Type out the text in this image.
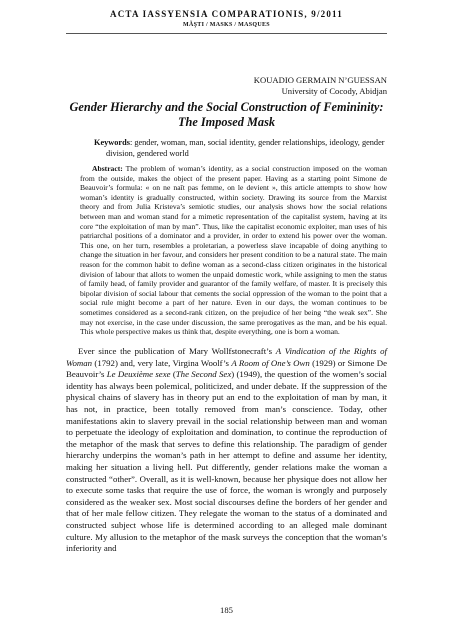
ACTA IASSYENSIA COMPARATIONIS, 9/2011
MĂŞTI / MASKS / MASQUES
KOUADIO GERMAIN N’GUESSAN
University of Cocody, Abidjan
Gender Hierarchy and the Social Construction of Femininity:
The Imposed Mask
Keywords: gender, woman, man, social identity, gender relationships, ideology, gender division, gendered world
Abstract: The problem of woman’s identity, as a social construction imposed on the woman from the outside, makes the object of the present paper. Having as a starting point Simone de Beauvoir’s formula: « on ne naît pas femme, on le devient », this article attempts to show how woman’s identity is gradually constructed, within society. Drawing its source from the Marxist theory and from Julia Kristeva’s semiotic studies, our analysis shows how the social relations between man and woman stand for a mimetic representation of the capitalist system, having at its core “the exploitation of man by man”. Thus, like the capitalist economic exploiter, man uses of his patriarchal positions of a dominator and a provider, in order to extend his power over the woman. This one, on her turn, resembles a proletarian, a powerless slave incapable of doing anything to change the situation in her favour, and considers her present condition to be a natural state. The main reason for the common habit to define woman as a second-class citizen originates in the historical division of labour that allots to women the unpaid domestic work, while assigning to men the status of family head, of family provider and guarantor of the family welfare, of master. It is precisely this bipolar division of social labour that cements the social oppression of the woman to the point that a social rule might become a part of her nature. Even in our days, the woman continues to be sometimes considered as a second-rank citizen, on the prejudice of her being “the weak sex”. She may not exercise, in the case under discussion, the same prerogatives as the man, and be his equal. This whole perspective makes us think that, despite everything, one is born a woman.
Ever since the publication of Mary Wollfstonecraft’s A Vindication of the Rights of Woman (1792) and, very late, Virgina Woolf’s A Room of One’s Own (1929) or Simone De Beauvoir’s Le Deuxième sexe (The Second Sex) (1949), the question of the women’s social identity has always been polemical, politicized, and under debate. If the suppression of the physical chains of slavery has in theory put an end to the exploitation of man by man, it has not, in practice, been totally removed from man’s conscience. Today, other manifestations akin to slavery prevail in the social relationship between man and woman to perpetuate the ideology of exploitation and domination, to continue the reproduction of the metaphor of the mask that serves to define this relationship. The paradigm of gender hierarchy underpins the woman’s path in her attempt to define and assume her identity, making her situation a living hell. Put differently, gender relations make the woman a constructed “other”. Overall, as it is well-known, because her physique does not allow her to execute some tasks that require the use of force, the woman is wrongly and purposely considered as the weaker sex. Most social discourses define the borders of her gender and that of her male fellow citizen. They relegate the woman to the status of a dominated and constructed subject whose life is determined according to an alleged male dominant culture. My allusion to the metaphor of the mask surveys the conception that the woman’s inferiority and
185
